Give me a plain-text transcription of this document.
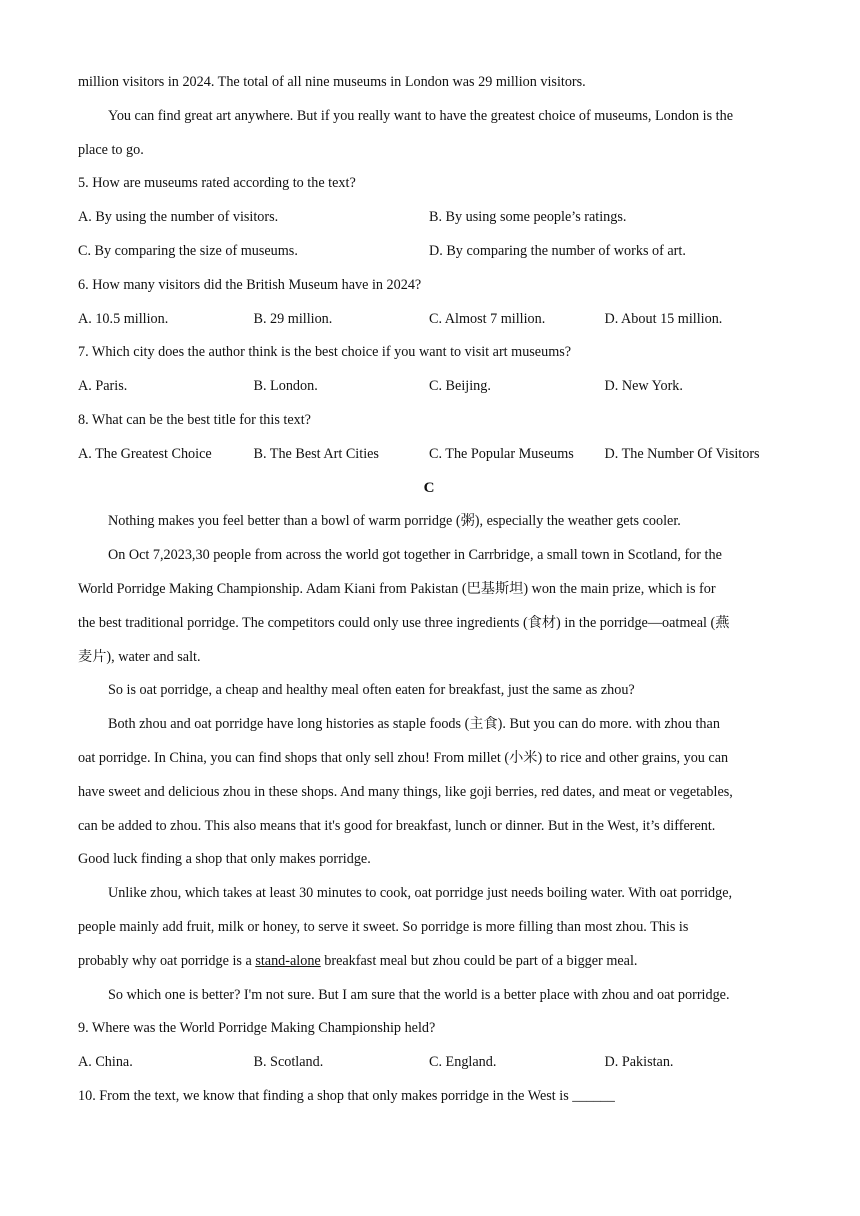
million visitors in 2024. The total of all nine museums in London was 29 million visitors.
You can find great art anywhere. But if you really want to have the greatest choice of museums, London is the
place to go.
5. How are museums rated according to the text?
A. By using the number of visitors.	B. By using some people’s ratings.
C. By comparing the size of museums.	D. By comparing the number of works of art.
6. How many visitors did the British Museum have in 2024?
A. 10.5 million.	B. 29 million.	C. Almost 7 million.	D. About 15 million.
7. Which city does the author think is the best choice if you want to visit art museums?
A. Paris.	B. London.	C. Beijing.	D. New York.
8. What can be the best title for this text?
A. The Greatest Choice	B. The Best Art Cities	C. The Popular Museums	D. The Number Of Visitors
C
Nothing makes you feel better than a bowl of warm porridge (粥), especially the weather gets cooler.
On Oct 7,2023,30 people from across the world got together in Carrbridge, a small town in Scotland, for the
World Porridge Making Championship. Adam Kiani from Pakistan (巴基斯坦) won the main prize, which is for
the best traditional porridge. The competitors could only use three ingredients (食材) in the porridge—oatmeal (燕
麦片), water and salt.
So is oat porridge, a cheap and healthy meal often eaten for breakfast, just the same as zhou?
Both zhou and oat porridge have long histories as staple foods (主食). But you can do more. with zhou than
oat porridge. In China, you can find shops that only sell zhou! From millet (小米) to rice and other grains, you can
have sweet and delicious zhou in these shops. And many things, like goji berries, red dates, and meat or vegetables,
can be added to zhou. This also means that it's good for breakfast, lunch or dinner. But in the West, it’s different.
Good luck finding a shop that only makes porridge.
Unlike zhou, which takes at least 30 minutes to cook, oat porridge just needs boiling water. With oat porridge,
people mainly add fruit, milk or honey, to serve it sweet. So porridge is more filling than most zhou. This is
probably why oat porridge is a stand-alone breakfast meal but zhou could be part of a bigger meal.
So which one is better? I'm not sure. But I am sure that the world is a better place with zhou and oat porridge.
9. Where was the World Porridge Making Championship held?
A. China.	B. Scotland.	C. England.	D. Pakistan.
10. From the text, we know that finding a shop that only makes porridge in the West is ______
